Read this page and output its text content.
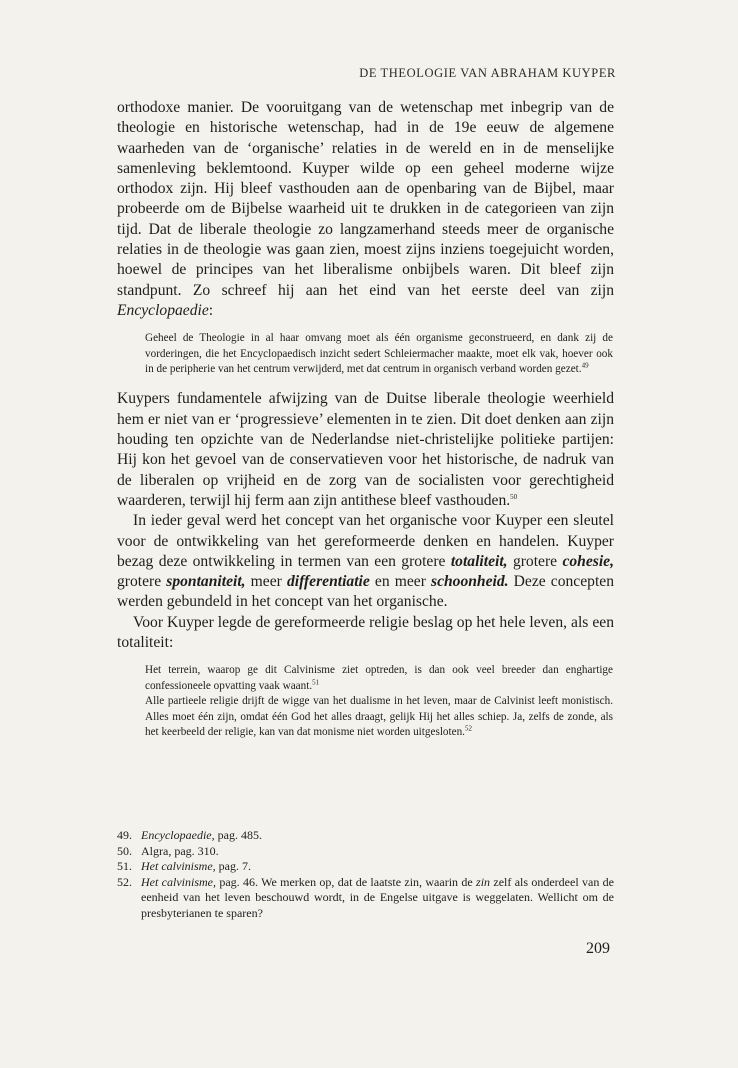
DE THEOLOGIE VAN ABRAHAM KUYPER

orthodoxe manier. De vooruitgang van de wetenschap met inbegrip van de theologie en historische wetenschap, had in de 19e eeuw de algemene waarheden van de ‘organische’ relaties in de wereld en in de menselijke samenleving beklemtoond. Kuyper wilde op een geheel moderne wijze orthodox zijn. Hij bleef vasthouden aan de openbaring van de Bijbel, maar probeerde om de Bijbelse waarheid uit te drukken in de categorieen van zijn tijd. Dat de liberale theologie zo langzamerhand steeds meer de organische relaties in de theologie was gaan zien, moest zijns inziens toegejuicht worden, hoewel de principes van het liberalisme onbijbels waren. Dit bleef zijn standpunt. Zo schreef hij aan het eind van het eerste deel van zijn Encyclopaedie:

Geheel de Theologie in al haar omvang moet als één organisme geconstrueerd, en dank zij de vorderingen, die het Encyclopaedisch inzicht sedert Schleiermacher maakte, moet elk vak, hoever ook in de peripherie van het centrum verwijderd, met dat centrum in organisch verband worden gezet.$^{49}$

Kuypers fundamentele afwijzing van de Duitse liberale theologie weerhield hem er niet van er ‘progressieve’ elementen in te zien. Dit doet denken aan zijn houding ten opzichte van de Nederlandse niet-christelijke politieke partijen: Hij kon het gevoel van de conservatieven voor het historische, de nadruk van de liberalen op vrijheid en de zorg van de socialisten voor gerechtigheid waarderen, terwijl hij ferm aan zijn antithese bleef vasthouden.$^{50}$

In ieder geval werd het concept van het organische voor Kuyper een sleutel voor de ontwikkeling van het gereformeerde denken en handelen. Kuyper bezag deze ontwikkeling in termen van een grotere totaliteit, grotere cohesie, grotere spontaniteit, meer differentiatie en meer schoonheid. Deze concepten werden gebundeld in het concept van het organische.

Voor Kuyper legde de gereformeerde religie beslag op het hele leven, als een totaliteit:

Het terrein, waarop ge dit Calvinisme ziet optreden, is dan ook veel breeder dan enghartige confessioneele opvatting vaak waant.$^{51}$

Alle partieele religie drijft de wigge van het dualisme in het leven, maar de Calvinist leeft monistisch. Alles moet één zijn, omdat één God het alles draagt, gelijk Hij het alles schiep. Ja, zelfs de zonde, als het keerbeeld der religie, kan van dat monisme niet worden uitgesloten.$^{52}$

49. Encyclopaedie, pag. 485.

50. Algra, pag. 310.

51. Het calvinisme, pag. 7.

52. Het calvinisme, pag. 46. We merken op, dat de laatste zin, waarin de zin zelf als onderdeel van de eenheid van het leven beschouwd wordt, in de Engelse uitgave is weggelaten. Wellicht om de presbyterianen te sparen?

209
